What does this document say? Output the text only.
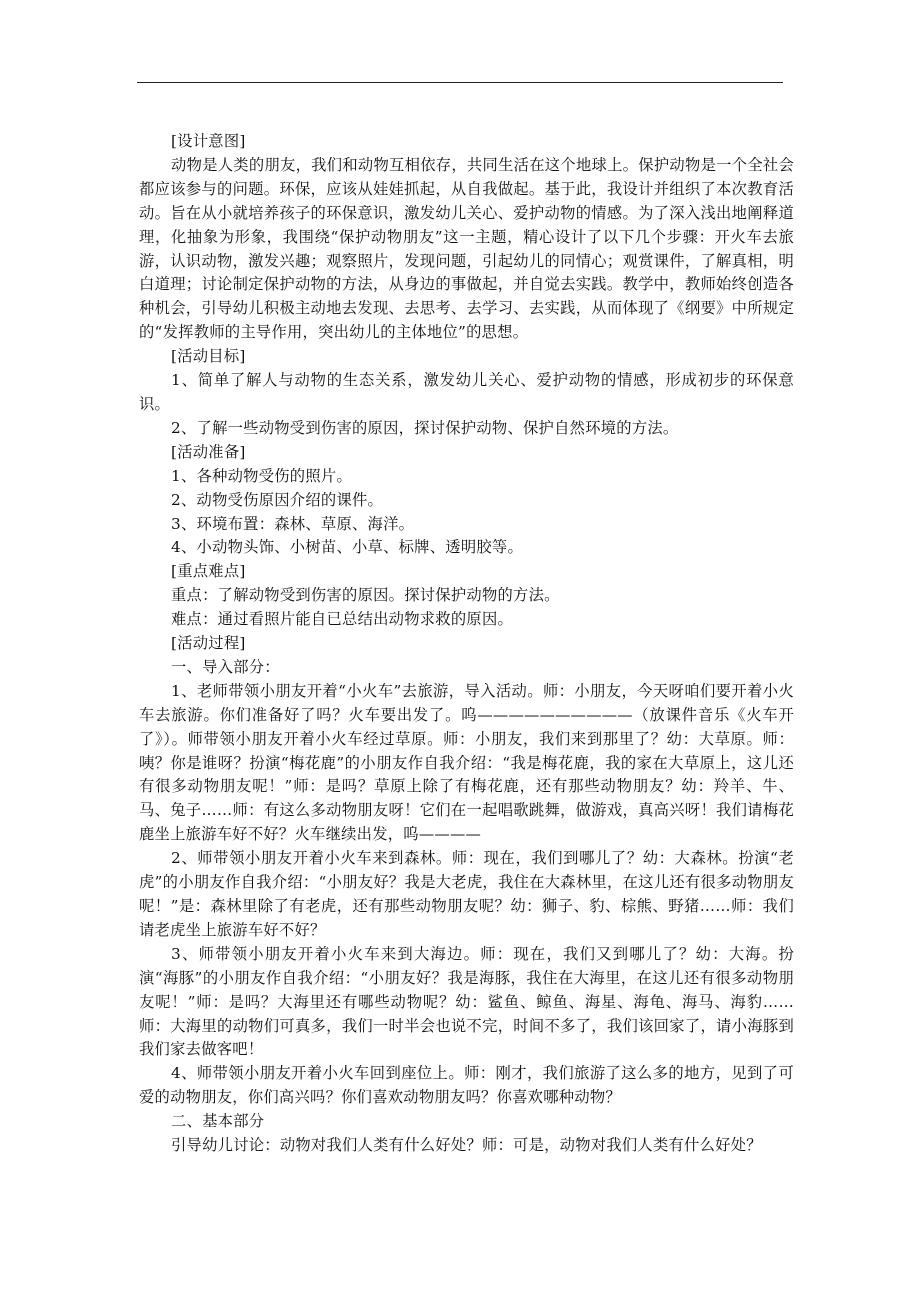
[设计意图]

动物是人类的朋友，我们和动物互相依存，共同生活在这个地球上。保护动物是一个全社会都应该参与的问题。环保，应该从娃娃抓起，从自我做起。基于此，我设计并组织了本次教育活动。旨在从小就培养孩子的环保意识，激发幼儿关心、爱护动物的情感。为了深入浅出地阐释道理，化抽象为形象，我围绕“保护动物朋友”这一主题，精心设计了以下几个步骤：开火车去旅游，认识动物，激发兴趣；观察照片，发现问题，引起幼儿的同情心；观赏课件，了解真相，明白道理；讨论制定保护动物的方法，从身边的事做起，并自觉去实践。教学中，教师始终创造各种机会，引导幼儿积极主动地去发现、去思考、去学习、去实践，从而体现了《纲要》中所规定的“发挥教师的主导作用，突出幼儿的主体地位”的思想。

[活动目标]

1、简单了解人与动物的生态关系，激发幼儿关心、爱护动物的情感，形成初步的环保意识。

2、了解一些动物受到伤害的原因，探讨保护动物、保护自然环境的方法。

[活动准备]

1、各种动物受伤的照片。

2、动物受伤原因介绍的课件。

3、环境布置：森林、草原、海洋。

4、小动物头饰、小树苗、小草、标牌、透明胶等。

[重点难点]

重点：了解动物受到伤害的原因。探讨保护动物的方法。

难点：通过看照片能自已总结出动物求救的原因。

[活动过程]

一、导入部分：

1、老师带领小朋友开着“小火车”去旅游，导入活动。师：小朋友，今天呀咱们要开着小火车去旅游。你们准备好了吗？火车要出发了。呜——————————（放课件音乐《火车开了》）。师带领小朋友开着小火车经过草原。师：小朋友，我们来到那里了？幼：大草原。师：咦？你是谁呀？扮演“梅花鹿”的小朋友作自我介绍：“我是梅花鹿，我的家在大草原上，这儿还有很多动物朋友呢！”师：是吗？草原上除了有梅花鹿，还有那些动物朋友？幼：羚羊、牛、马、兔子……师：有这么多动物朋友呀！它们在一起唱歌跳舞，做游戏，真高兴呀！我们请梅花鹿坐上旅游车好不好？火车继续出发，呜————

2、师带领小朋友开着小火车来到森林。师：现在，我们到哪儿了？幼：大森林。扮演“老虎”的小朋友作自我介绍：“小朋友好？我是大老虎，我住在大森林里，在这儿还有很多动物朋友呢！”是：森林里除了有老虎，还有那些动物朋友呢？幼：狮子、豹、棕熊、野猪……师：我们请老虎坐上旅游车好不好？

3、师带领小朋友开着小火车来到大海边。师：现在，我们又到哪儿了？幼：大海。扮演“海豚”的小朋友作自我介绍：“小朋友好？我是海豚，我住在大海里，在这儿还有很多动物朋友呢！”师：是吗？大海里还有哪些动物呢？幼：鲨鱼、鲸鱼、海星、海龟、海马、海豹……师：大海里的动物们可真多，我们一时半会也说不完，时间不多了，我们该回家了，请小海豚到我们家去做客吧！

4、师带领小朋友开着小火车回到座位上。师：刚才，我们旅游了这么多的地方，见到了可爱的动物朋友，你们高兴吗？你们喜欢动物朋友吗？你喜欢哪种动物？

二、基本部分

引导幼儿讨论：动物对我们人类有什么好处？师：可是，动物对我们人类有什么好处？
